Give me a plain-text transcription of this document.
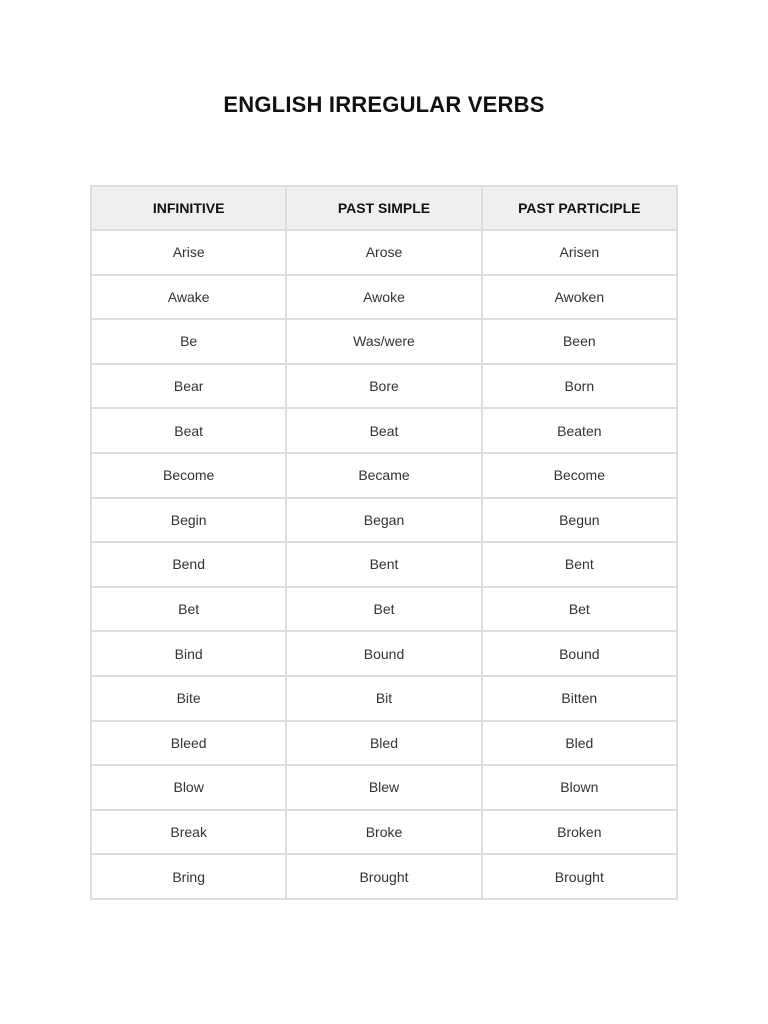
ENGLISH IRREGULAR VERBS
INFINITIVE	PAST SIMPLE	PAST PARTICIPLE
Arise	Arose	Arisen
Awake	Awoke	Awoken
Be	Was/were	Been
Bear	Bore	Born
Beat	Beat	Beaten
Become	Became	Become
Begin	Began	Begun
Bend	Bent	Bent
Bet	Bet	Bet
Bind	Bound	Bound
Bite	Bit	Bitten
Bleed	Bled	Bled
Blow	Blew	Blown
Break	Broke	Broken
Bring	Brought	Brought
